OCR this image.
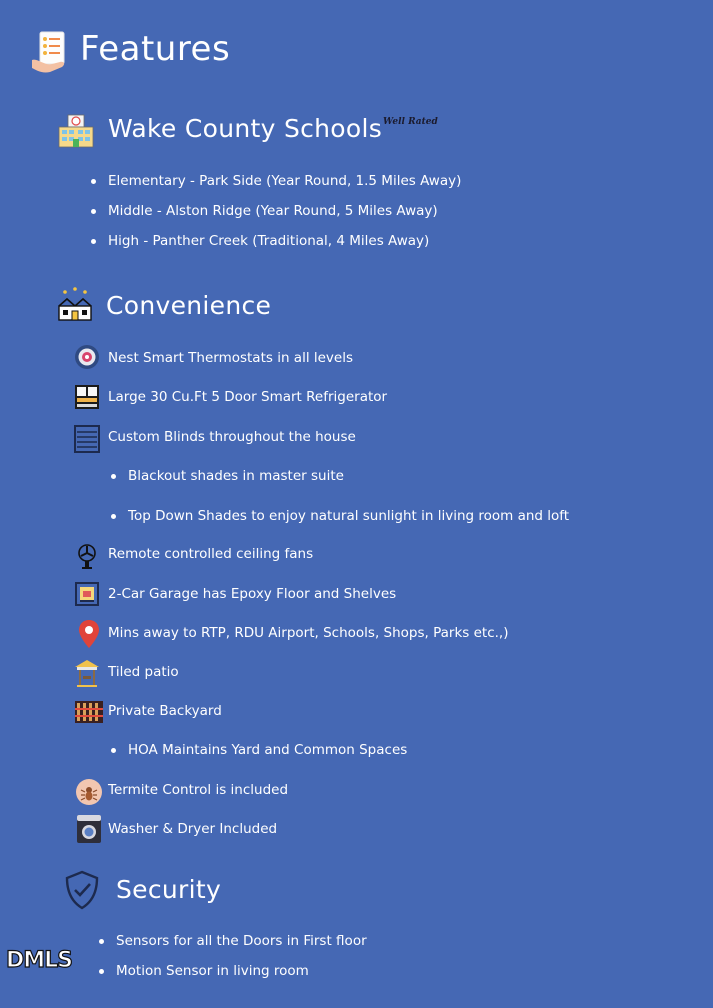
Features
Wake County Schools Well Rated
Elementary - Park Side (Year Round, 1.5 Miles Away)
Middle - Alston Ridge (Year Round, 5 Miles Away)
High - Panther Creek (Traditional, 4 Miles Away)
Convenience
Nest Smart Thermostats in all levels
Large 30 Cu.Ft 5 Door Smart Refrigerator
Custom Blinds throughout the house
Blackout shades in master suite
Top Down Shades to enjoy natural sunlight in living room and loft
Remote controlled ceiling fans
2-Car Garage has Epoxy Floor and Shelves
Mins away to RTP, RDU Airport, Schools, Shops, Parks etc.,)
Tiled patio
Private Backyard
HOA Maintains Yard and Common Spaces
Termite Control is included
Washer & Dryer Included
Security
Sensors for all the Doors in First floor
Motion Sensor in living room
DMLS
